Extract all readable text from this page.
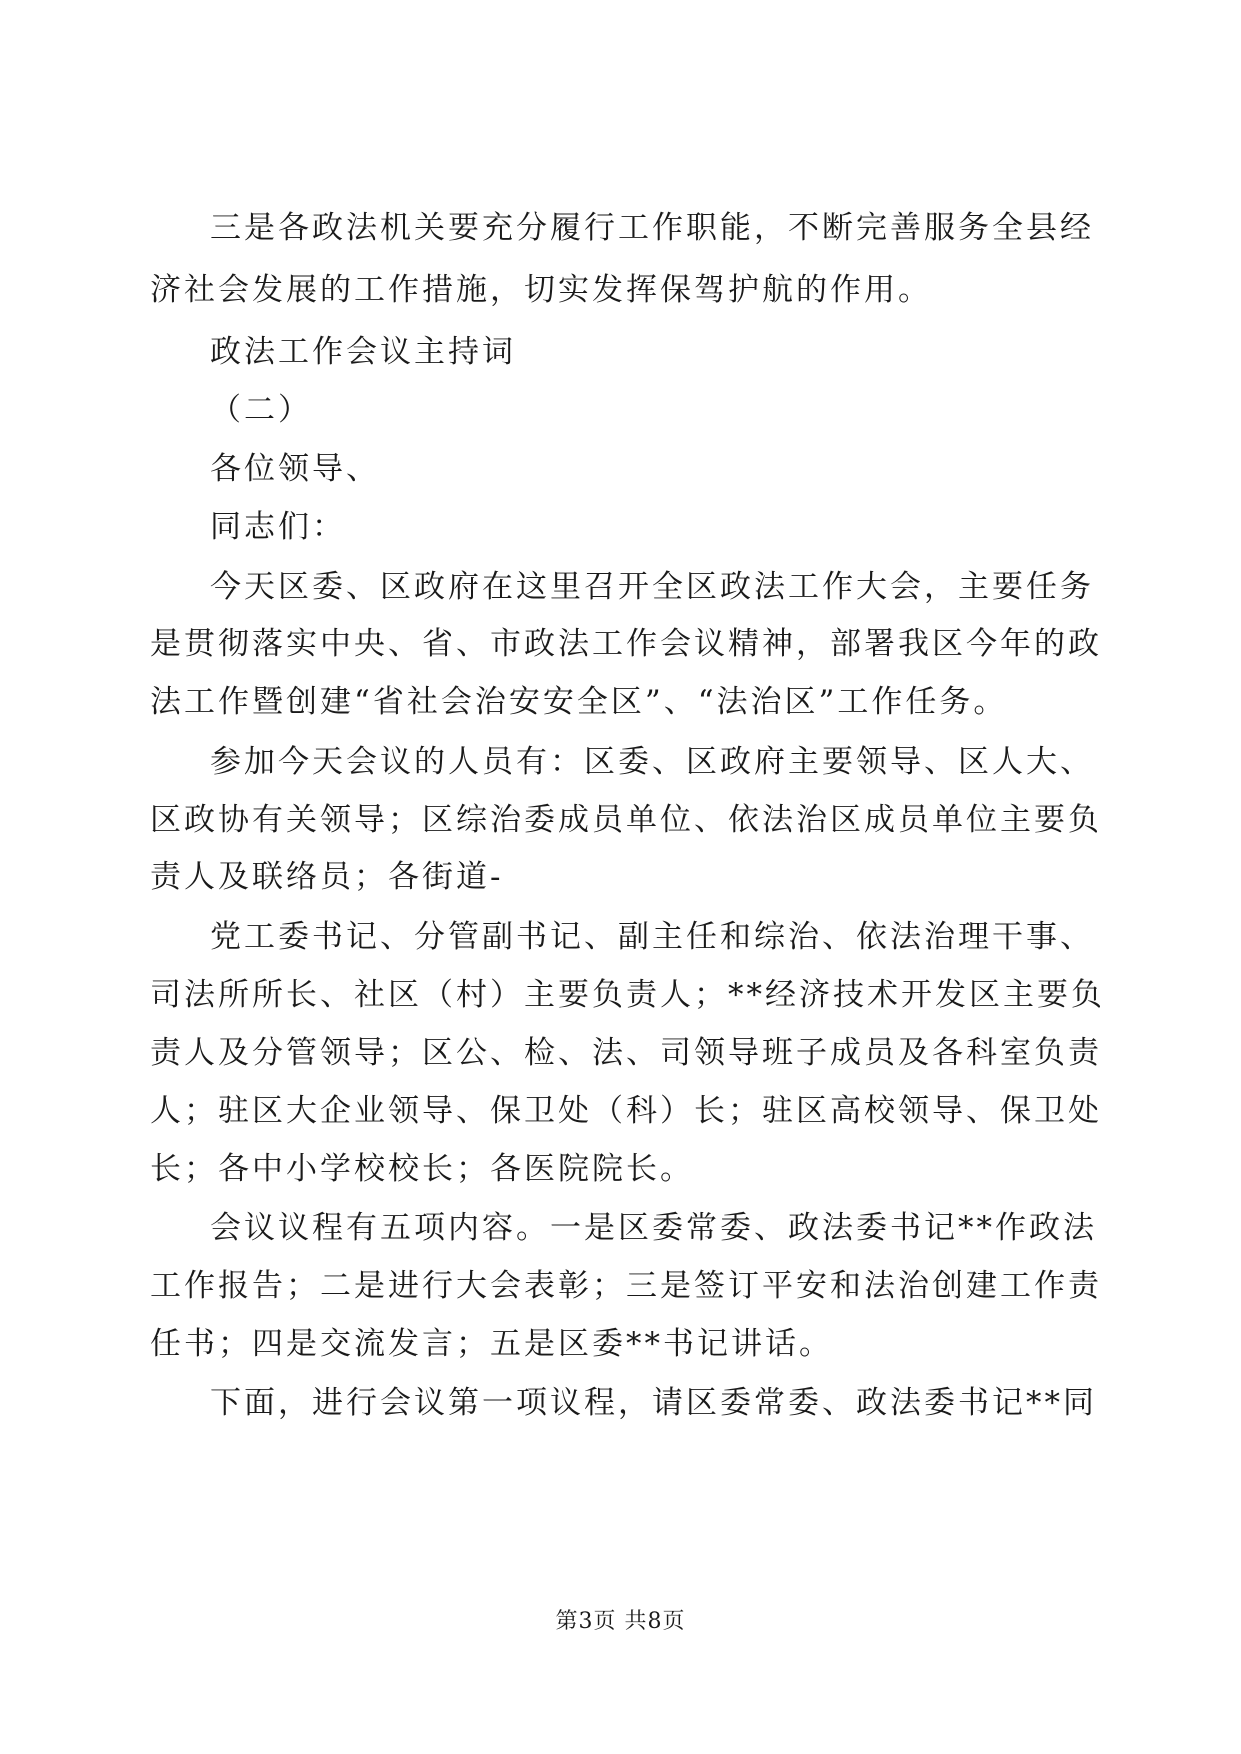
三是各政法机关要充分履行工作职能，不断完善服务全县经
济社会发展的工作措施，切实发挥保驾护航的作用。
政法工作会议主持词
（二）
各位领导、
同志们：
今天区委、区政府在这里召开全区政法工作大会，主要任务
是贯彻落实中央、省、市政法工作会议精神，部署我区今年的政
法工作暨创建“省社会治安安全区”、“法治区”工作任务。
参加今天会议的人员有：区委、区政府主要领导、区人大、
区政协有关领导；区综治委成员单位、依法治区成员单位主要负
责人及联络员；各街道-
党工委书记、分管副书记、副主任和综治、依法治理干事、
司法所所长、社区（村）主要负责人；**经济技术开发区主要负
责人及分管领导；区公、检、法、司领导班子成员及各科室负责
人；驻区大企业领导、保卫处（科）长；驻区高校领导、保卫处
长；各中小学校校长；各医院院长。
会议议程有五项内容。一是区委常委、政法委书记**作政法
工作报告；二是进行大会表彰；三是签订平安和法治创建工作责
任书；四是交流发言；五是区委**书记讲话。
下面，进行会议第一项议程，请区委常委、政法委书记**同
第3页 共8页
